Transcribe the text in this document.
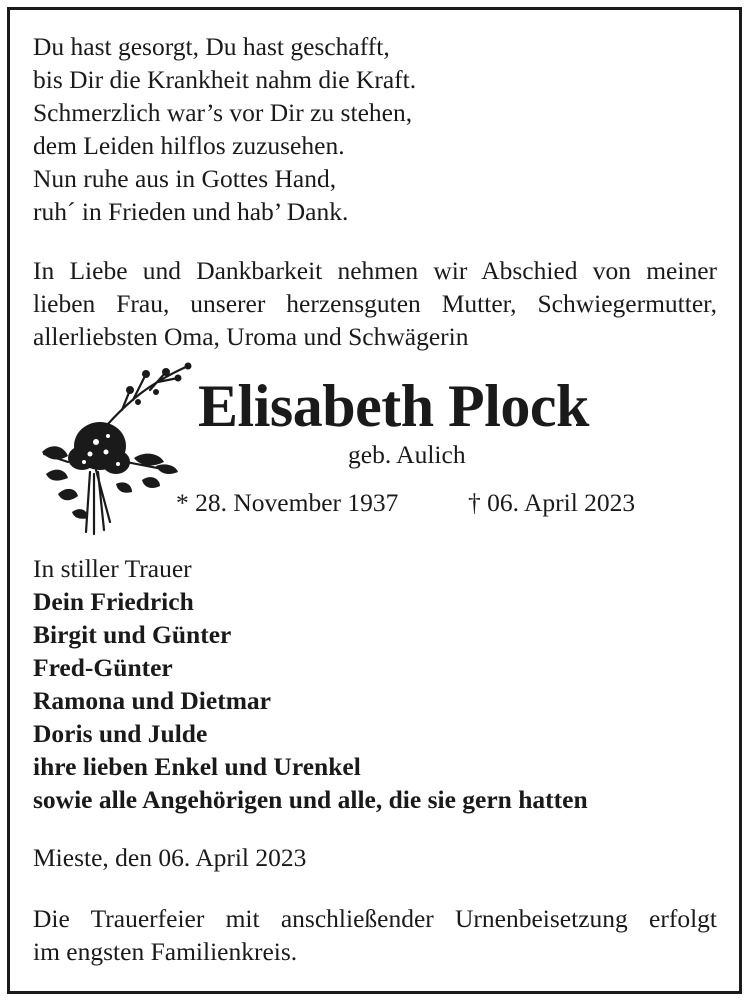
Du hast gesorgt, Du hast geschafft,
bis Dir die Krankheit nahm die Kraft.
Schmerzlich war’s vor Dir zu stehen,
dem Leiden hilflos zuzusehen.
Nun ruhe aus in Gottes Hand,
ruh´ in Frieden und hab’ Dank.
In Liebe und Dankbarkeit nehmen wir Abschied von meiner
lieben Frau, unserer herzensguten Mutter, Schwiegermutter,
allerliebsten Oma, Uroma und Schwägerin
Elisabeth Plock
geb. Aulich
* 28. November 1937	† 06. April 2023
In stiller Trauer
Dein Friedrich
Birgit und Günter
Fred-Günter
Ramona und Dietmar
Doris und Julde
ihre lieben Enkel und Urenkel
sowie alle Angehörigen und alle, die sie gern hatten
Mieste, den 06. April 2023
Die Trauerfeier mit anschließender Urnenbeisetzung erfolgt
im engsten Familienkreis.
